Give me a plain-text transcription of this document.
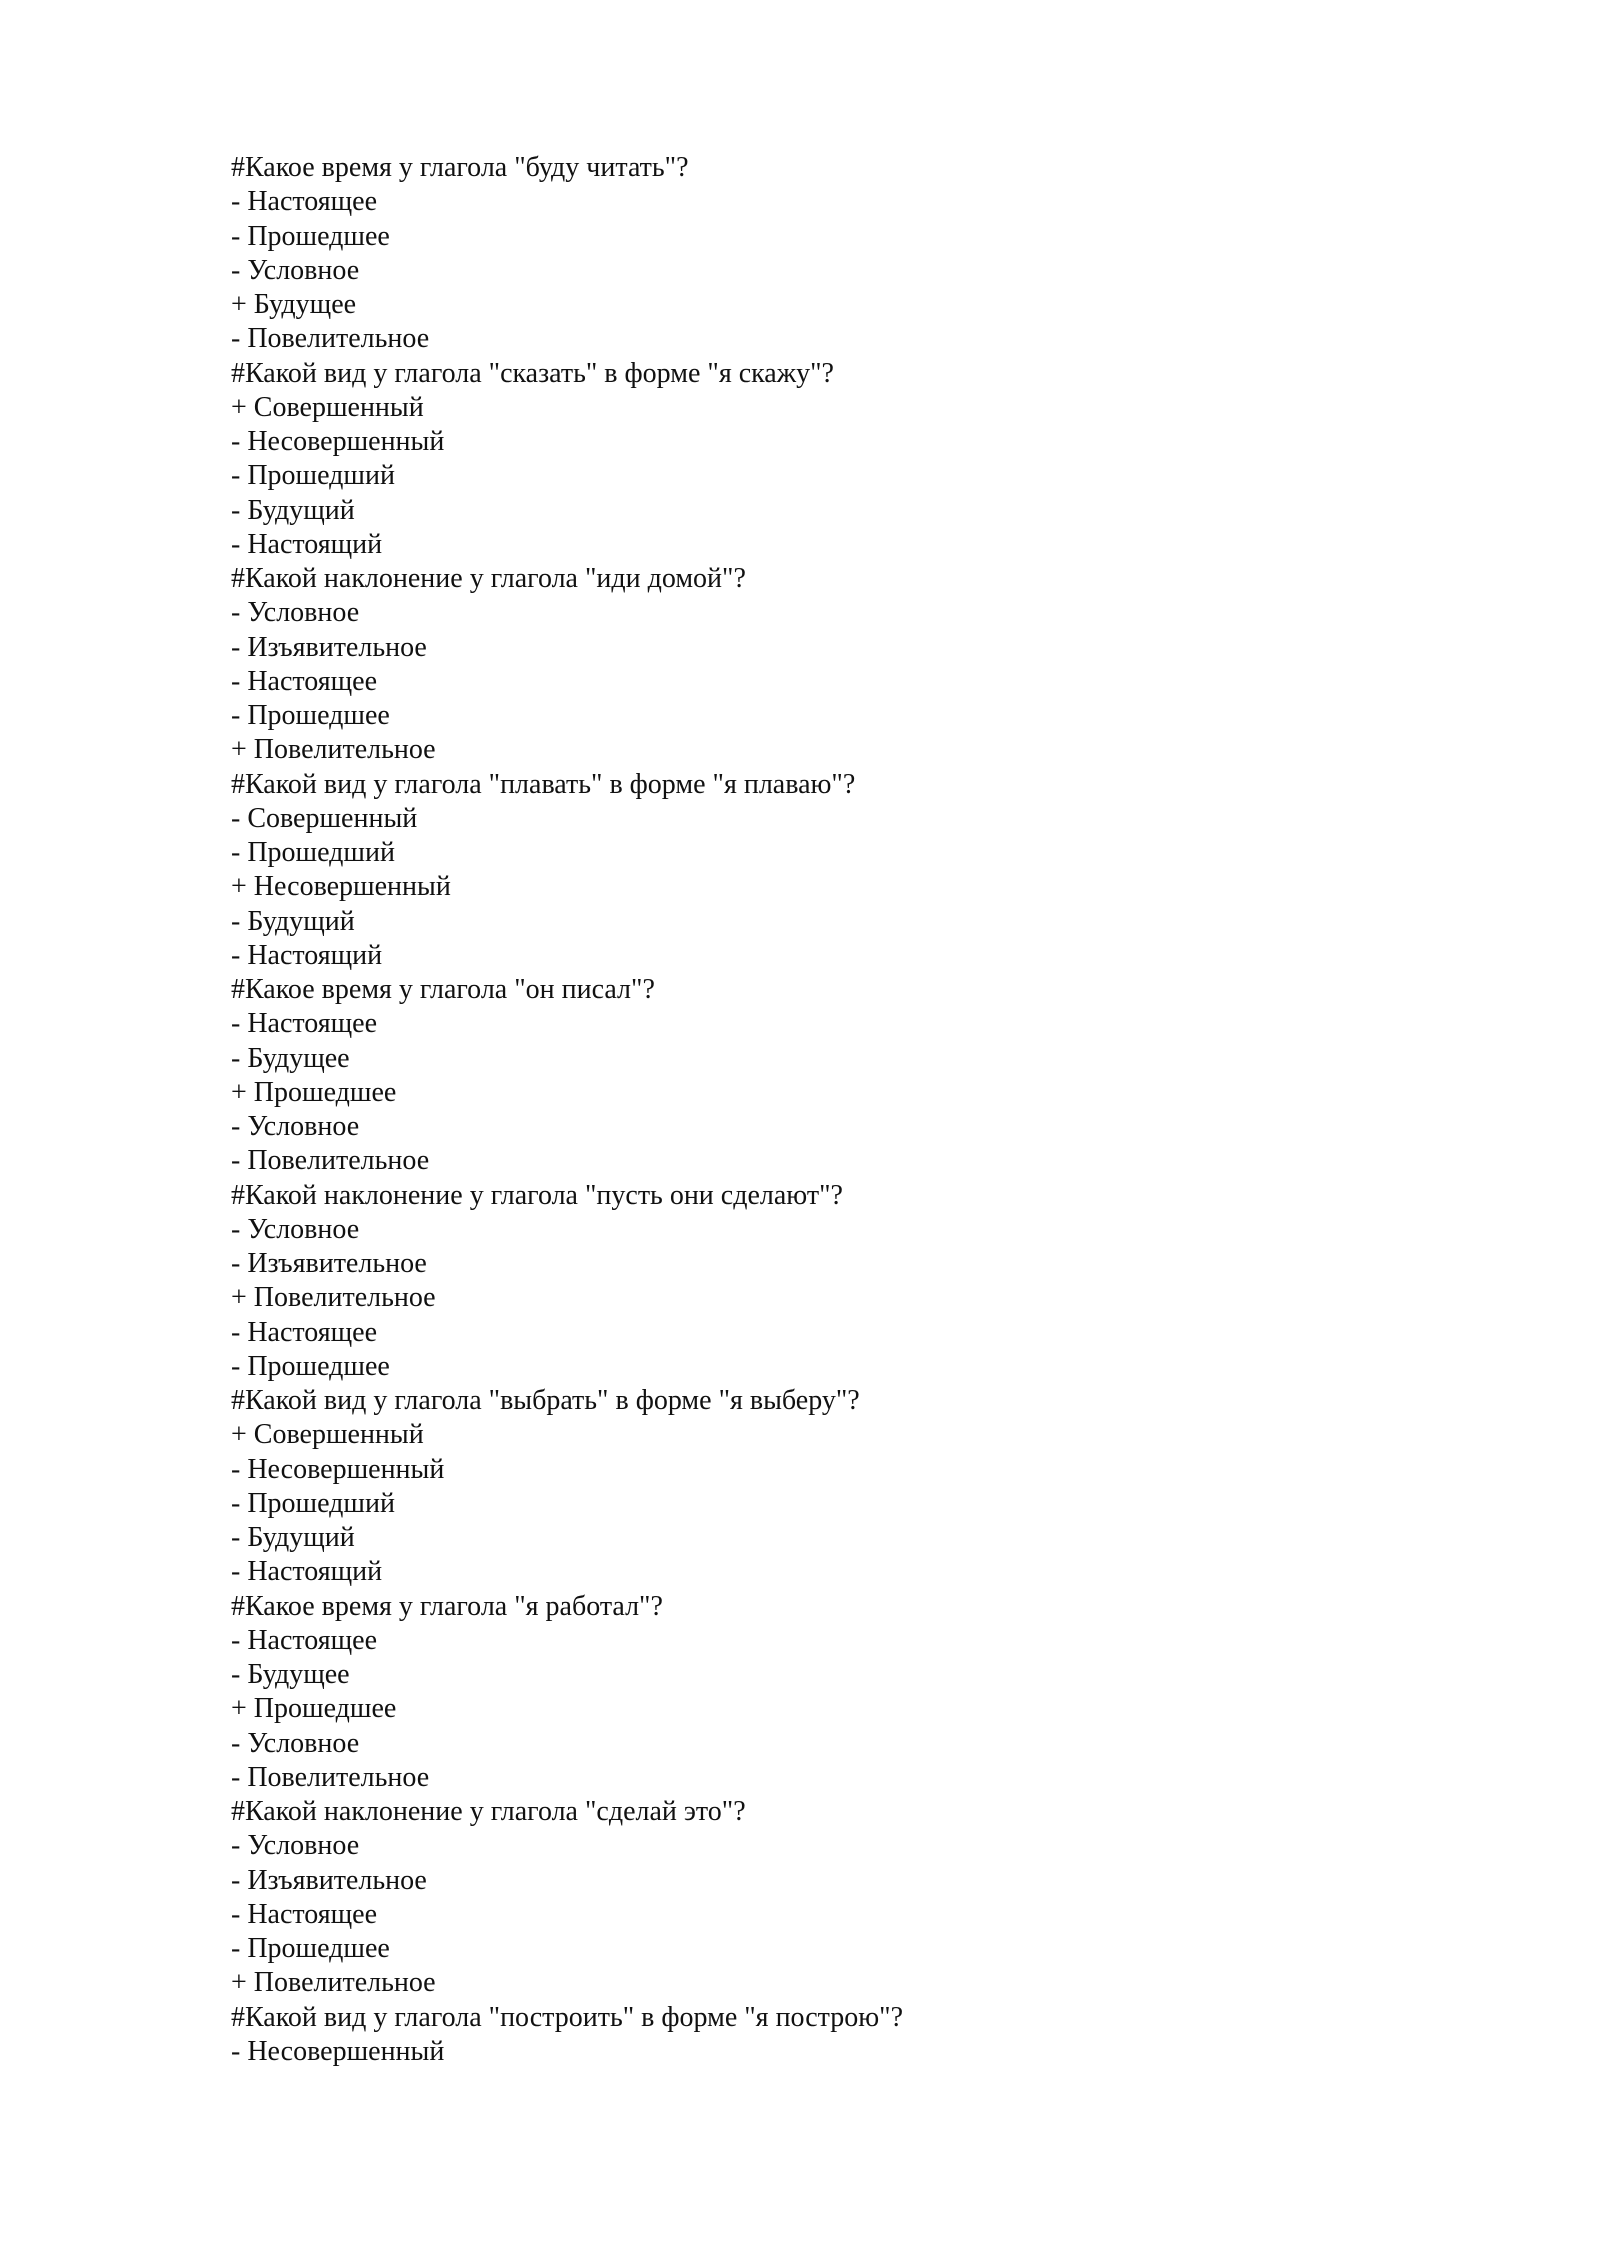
#Какое время у глагола "буду читать"?
- Настоящее
- Прошедшее
- Условное
+ Будущее
- Повелительное
#Какой вид у глагола "сказать" в форме "я скажу"?
+ Совершенный
- Несовершенный
- Прошедший
- Будущий
- Настоящий
#Какой наклонение у глагола "иди домой"?
- Условное
- Изъявительное
- Настоящее
- Прошедшее
+ Повелительное
#Какой вид у глагола "плавать" в форме "я плаваю"?
- Совершенный
- Прошедший
+ Несовершенный
- Будущий
- Настоящий
#Какое время у глагола "он писал"?
- Настоящее
- Будущее
+ Прошедшее
- Условное
- Повелительное
#Какой наклонение у глагола "пусть они сделают"?
- Условное
- Изъявительное
+ Повелительное
- Настоящее
- Прошедшее
#Какой вид у глагола "выбрать" в форме "я выберу"?
+ Совершенный
- Несовершенный
- Прошедший
- Будущий
- Настоящий
#Какое время у глагола "я работал"?
- Настоящее
- Будущее
+ Прошедшее
- Условное
- Повелительное
#Какой наклонение у глагола "сделай это"?
- Условное
- Изъявительное
- Настоящее
- Прошедшее
+ Повелительное
#Какой вид у глагола "построить" в форме "я построю"?
- Несовершенный
